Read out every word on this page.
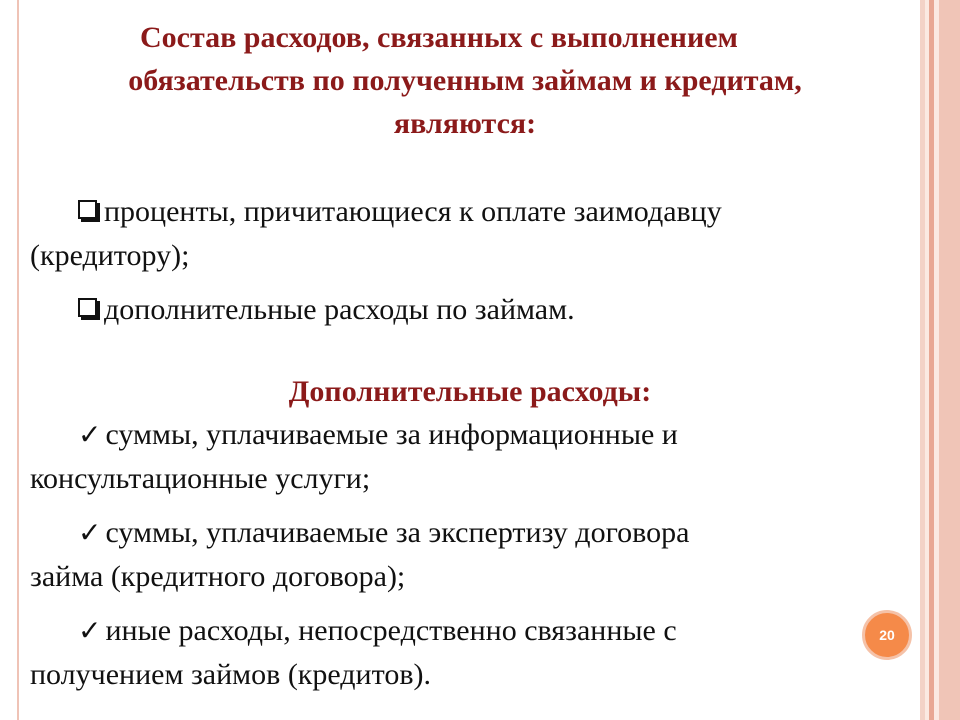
Состав расходов, связанных с выполнением
обязательств по полученным займам и кредитам,
являются:
проценты, причитающиеся к оплате заимодавцу
(кредитору);
дополнительные расходы по займам.
Дополнительные расходы:
✓ суммы, уплачиваемые за информационные и
консультационные услуги;
✓ суммы, уплачиваемые за экспертизу договора
займа (кредитного договора);
✓ иные расходы, непосредственно связанные с
получением займов (кредитов).
20
